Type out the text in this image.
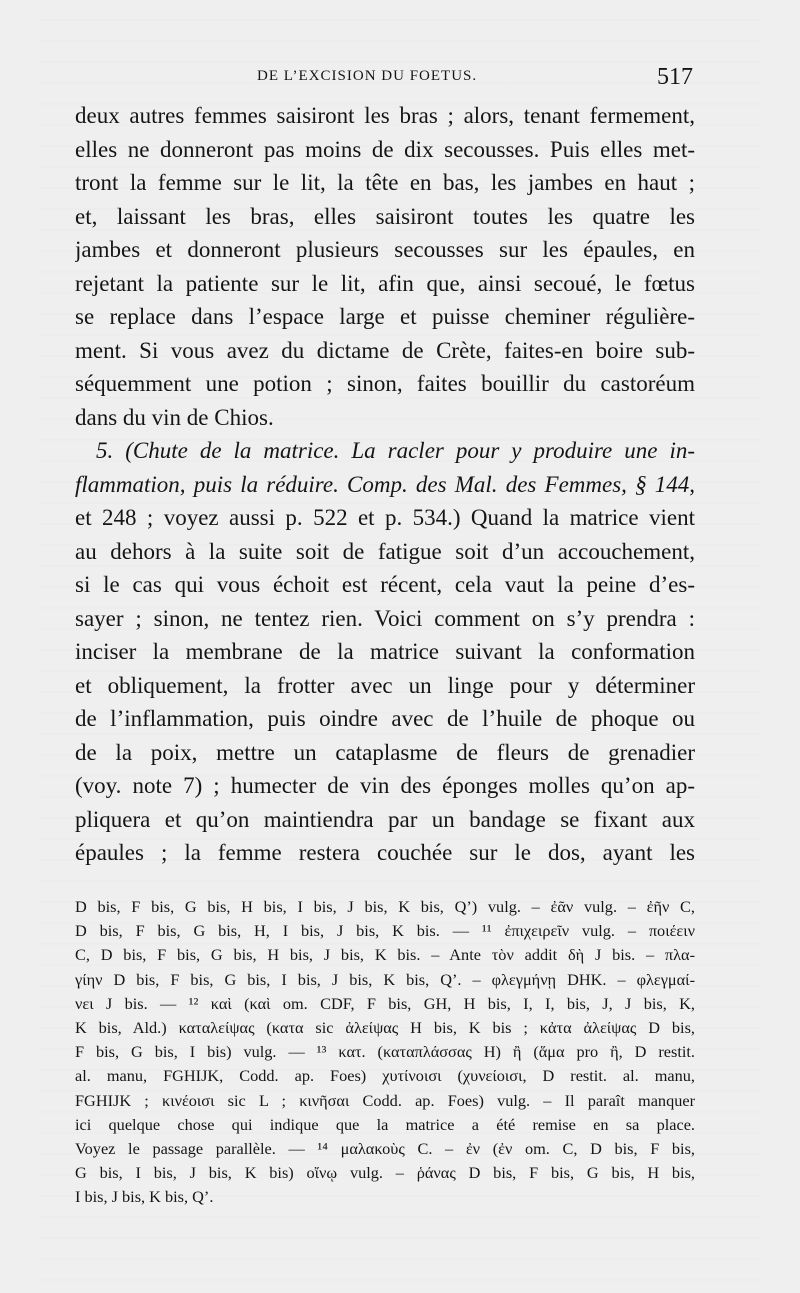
DE L’EXCISION DU FOETUS.	517
deux autres femmes saisiront les bras ; alors, tenant fermement,
elles ne donneront pas moins de dix secousses. Puis elles met-
tront la femme sur le lit, la tête en bas, les jambes en haut ;
et, laissant les bras, elles saisiront toutes les quatre les
jambes et donneront plusieurs secousses sur les épaules, en
rejetant la patiente sur le lit, afin que, ainsi secoué, le fœtus
se replace dans l’espace large et puisse cheminer régulière-
ment. Si vous avez du dictame de Crète, faites-en boire sub-
séquemment une potion ; sinon, faites bouillir du castoréum
dans du vin de Chios.
5. (Chute de la matrice. La racler pour y produire une in-
flammation, puis la réduire. Comp. des Mal. des Femmes, § 144,
et 248 ; voyez aussi p. 522 et p. 534.) Quand la matrice vient
au dehors à la suite soit de fatigue soit d’un accouchement,
si le cas qui vous échoit est récent, cela vaut la peine d’es-
sayer ; sinon, ne tentez rien. Voici comment on s’y prendra :
inciser la membrane de la matrice suivant la conformation
et obliquement, la frotter avec un linge pour y déterminer
de l’inflammation, puis oindre avec de l’huile de phoque ou
de la poix, mettre un cataplasme de fleurs de grenadier
(voy. note 7) ; humecter de vin des éponges molles qu’on ap-
pliquera et qu’on maintiendra par un bandage se fixant aux
épaules ; la femme restera couchée sur le dos, ayant les
D bis, F bis, G bis, H bis, I bis, J bis, K bis, Q’) vulg. – ἐᾶν vulg. – ἐῆν C,
D bis, F bis, G bis, H, I bis, J bis, K bis. — ¹¹ ἐπιχειρεῖν vulg. – ποιέειν
C, D bis, F bis, G bis, H bis, J bis, K bis. – Ante τὸν addit δὴ J bis. – πλα-
γίην D bis, F bis, G bis, I bis, J bis, K bis, Q’. – φλεγμήνῃ DHK. – φλεγμαί-
νει J bis. — ¹² καὶ (καὶ om. CDF, F bis, GH, H bis, I, I, bis, J, J bis, K,
K bis, Ald.) καταλείψας (κατα sic ἀλείψας H bis, K bis ; κἀτα ἀλείψας D bis,
F bis, G bis, I bis) vulg. — ¹³ κατ. (καταπλάσσας H) ἢ (ἅμα pro ἢ, D restit.
al. manu, FGHIJK, Codd. ap. Foes) χυτίνοισι (χυνείοισι, D restit. al. manu,
FGHIJK ; κινέοισι sic L ; κινῆσαι Codd. ap. Foes) vulg. – Il paraît manquer
ici quelque chose qui indique que la matrice a été remise en sa place.
Voyez le passage parallèle. — ¹⁴ μαλακοὺς C. – ἐν (ἐν om. C, D bis, F bis,
G bis, I bis, J bis, K bis) οἴνῳ vulg. – ῥάνας D bis, F bis, G bis, H bis,
I bis, J bis, K bis, Q’.
